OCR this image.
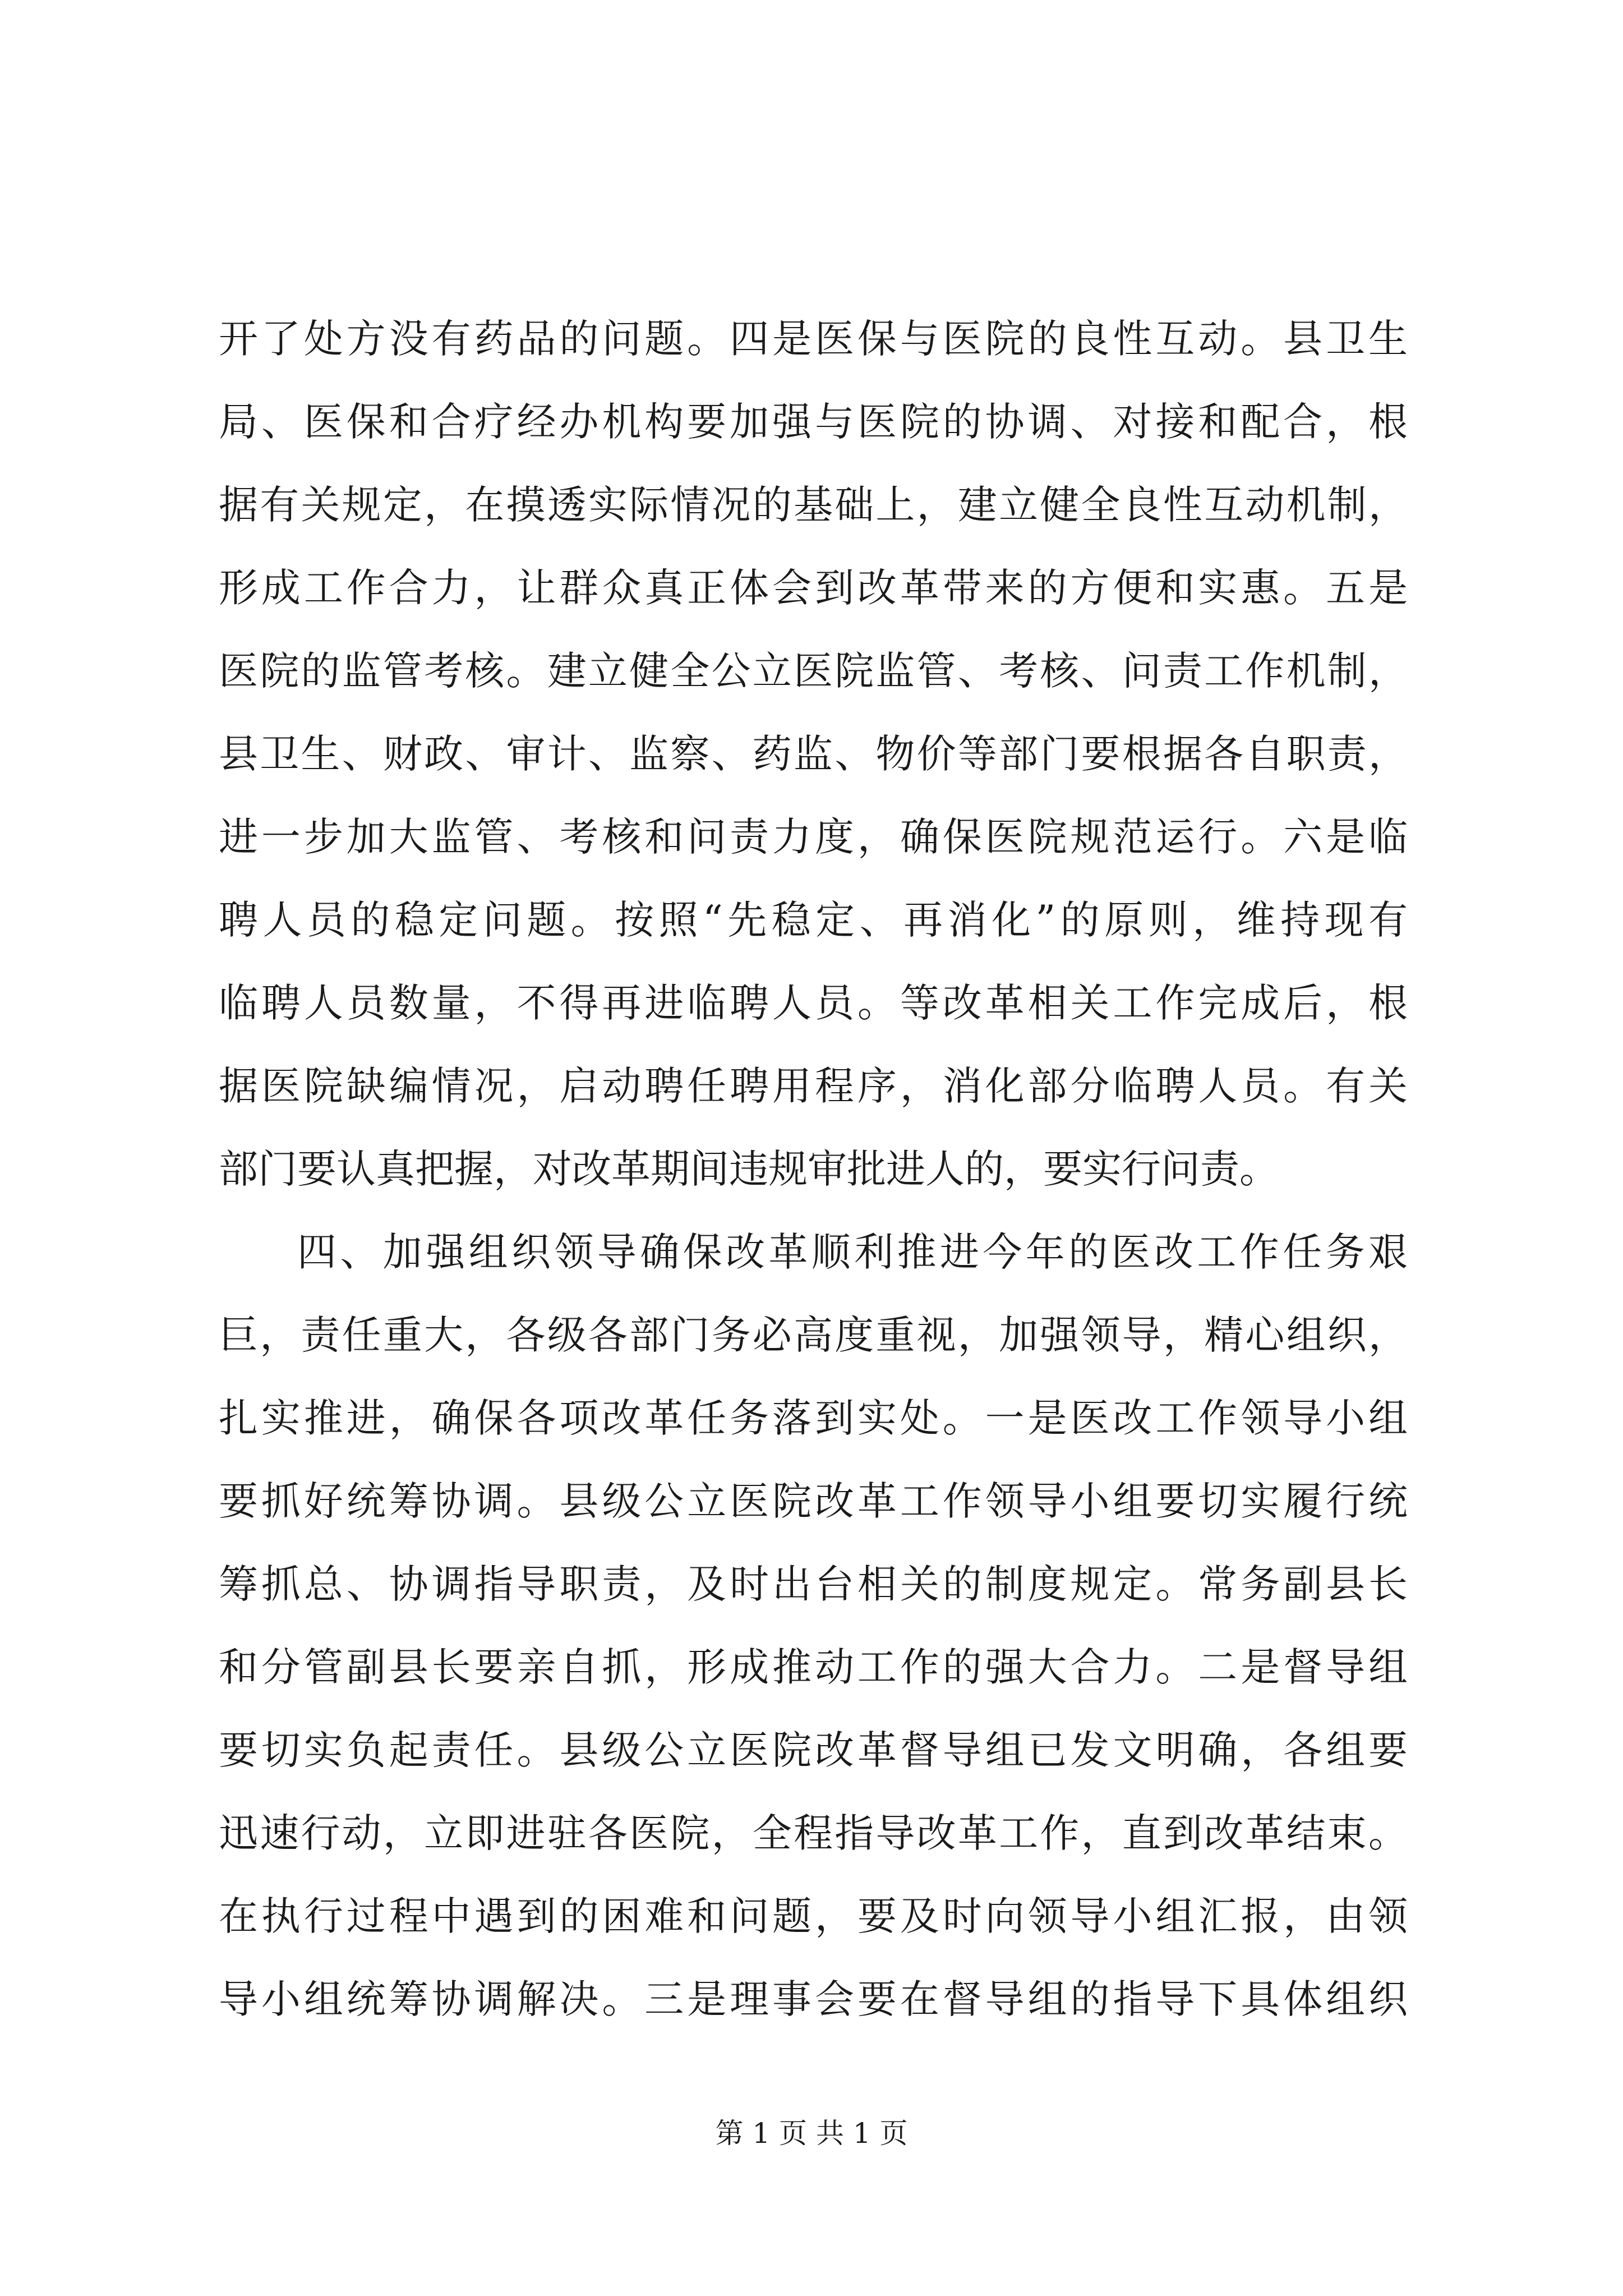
开了处方没有药品的问题。四是医保与医院的良性互动。县卫生
局、医保和合疗经办机构要加强与医院的协调、对接和配合，根
据有关规定，在摸透实际情况的基础上，建立健全良性互动机制，
形成工作合力，让群众真正体会到改革带来的方便和实惠。五是
医院的监管考核。建立健全公立医院监管、考核、问责工作机制，
县卫生、财政、审计、监察、药监、物价等部门要根据各自职责，
进一步加大监管、考核和问责力度，确保医院规范运行。六是临
聘人员的稳定问题。按照“先稳定、再消化”的原则，维持现有
临聘人员数量，不得再进临聘人员。等改革相关工作完成后，根
据医院缺编情况，启动聘任聘用程序，消化部分临聘人员。有关
部门要认真把握，对改革期间违规审批进人的，要实行问责。
四、加强组织领导确保改革顺利推进今年的医改工作任务艰
巨，责任重大，各级各部门务必高度重视，加强领导，精心组织，
扎实推进，确保各项改革任务落到实处。一是医改工作领导小组
要抓好统筹协调。县级公立医院改革工作领导小组要切实履行统
筹抓总、协调指导职责，及时出台相关的制度规定。常务副县长
和分管副县长要亲自抓，形成推动工作的强大合力。二是督导组
要切实负起责任。县级公立医院改革督导组已发文明确，各组要
迅速行动，立即进驻各医院，全程指导改革工作，直到改革结束。
在执行过程中遇到的困难和问题，要及时向领导小组汇报，由领
导小组统筹协调解决。三是理事会要在督导组的指导下具体组织
第 1 页 共 1 页
